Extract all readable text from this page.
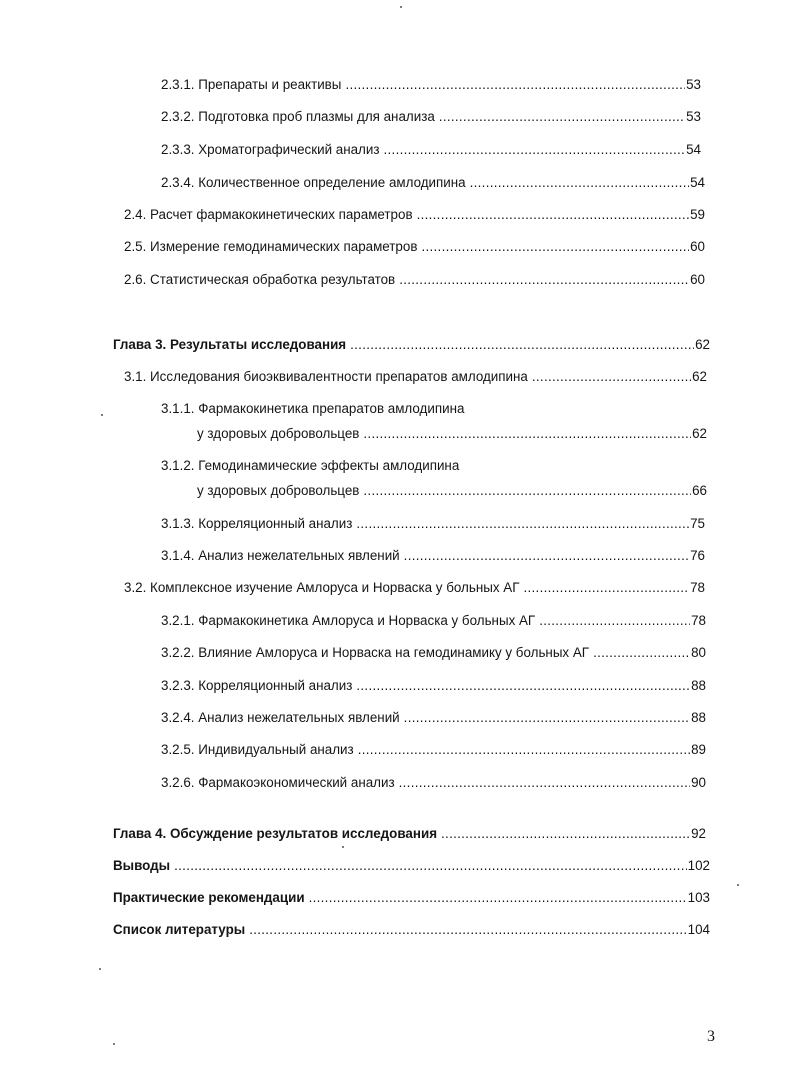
2.3.1. Препараты и реактивы .....	53
2.3.2. Подготовка проб плазмы для анализа .....	53
2.3.3. Хроматографический анализ .....	54
2.3.4. Количественное определение амлодипина .....	54
2.4. Расчет фармакокинетических параметров .....	59
2.5. Измерение гемодинамических параметров .....	60
2.6. Статистическая обработка результатов .....	60
Глава 3. Результаты исследования .....	62
3.1. Исследования биоэквивалентности препаратов амлодипина .....	62
3.1.1. Фармакокинетика препаратов амлодипина
у здоровых добровольцев .....	62
3.1.2. Гемодинамические эффекты амлодипина
у здоровых добровольцев .....	66
3.1.3. Корреляционный анализ .....	75
3.1.4. Анализ нежелательных явлений .....	76
3.2. Комплексное изучение Амлоруса и Норваска у больных АГ .....	78
3.2.1. Фармакокинетика Амлоруса и Норваска у больных АГ .....	78
3.2.2. Влияние Амлоруса и Норваска на гемодинамику у больных АГ .....	80
3.2.3. Корреляционный анализ .....	88
3.2.4. Анализ нежелательных явлений .....	88
3.2.5. Индивидуальный анализ .....	89
3.2.6. Фармакоэкономический анализ .....	90
Глава 4. Обсуждение результатов исследования .....	92
Выводы .....	102
Практические рекомендации .....	103
Список литературы .....	104
3
